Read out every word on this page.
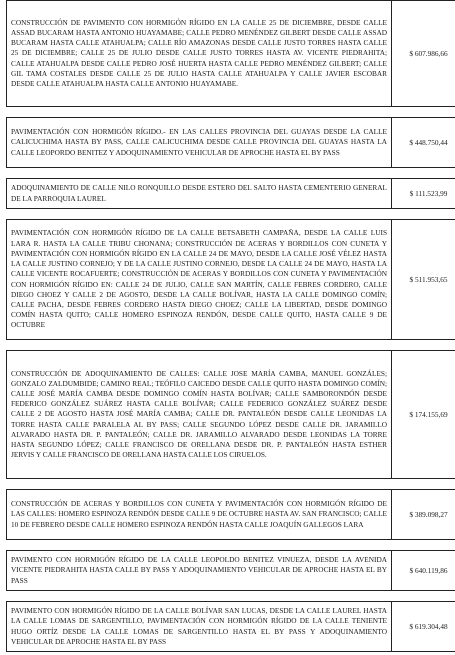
CONSTRUCCIÓN DE PAVIMENTO CON HORMIGÓN RÍGIDO EN LA CALLE 25 DE DICIEMBRE, DESDE CALLE ASSAD BUCARAM HASTA ANTONIO HUAYAMABE; CALLE PEDRO MENÉNDEZ GILBERT DESDE CALLE ASSAD BUCARAM HASTA CALLE ATAHUALPA; CALLE RÍO AMAZONAS DESDE CALLE JUSTO TORRES HASTA CALLE 25 DE DICIEMBRE; CALLE 25 DE JULIO DESDE CALLE JUSTO TORRES HASTA AV. VICENTE PIEDRAHITA; CALLE ATAHUALPA DESDE CALLE PEDRO JOSÉ HUERTA HASTA CALLE PEDRO MENÉNDEZ GILBERT; CALLE GIL TAMA COSTALES DESDE CALLE 25 DE JULIO HASTA CALLE ATAHUALPA Y CALLE JAVIER ESCOBAR DESDE CALLE ATAHUALPA HASTA CALLE ANTONIO HUAYAMABE.	$ 607.986,66

PAVIMENTACIÓN CON HORMIGÓN RÍGIDO.- EN LAS CALLES PROVINCIA DEL GUAYAS DESDE LA CALLE CALICUCHIMA HASTA BY PASS, CALLE CALICUCHIMA DESDE CALLE PROVINCIA DEL GUAYAS HASTA LA CALLE LEOPORDO BENITEZ Y ADOQUINAMIENTO VEHICULAR DE APROCHE HASTA EL BY PASS	$ 448.750,44

ADOQUINAMIENTO DE CALLE NILO RONQUILLO DESDE ESTERO DEL SALTO HASTA CEMENTERIO GENERAL DE LA PARROQUIA LAUREL	$ 111.523,99

PAVIMENTACIÓN CON HORMIGÓN RÍGIDO DE LA CALLE BETSABETH CAMPAÑA, DESDE LA CALLE LUIS LARA R. HASTA LA CALLE TRIBU CHONANA; CONSTRUCCIÓN DE ACERAS Y BORDILLOS CON CUNETA Y PAVIMENTACIÓN CON HORMIGÓN RÍGIDO EN LA CALLE 24 DE MAYO, DESDE LA CALLE JOSÉ VÉLEZ HASTA LA CALLE JUSTINO CORNEJO; Y DE LA CALLE JUSTINO CORNEJO, DESDE LA CALLE 24 DE MAYO, HASTA LA CALLE VICENTE ROCAFUERTE; CONSTRUCCIÓN DE ACERAS Y BORDILLOS CON CUNETA Y PAVIMENTACIÓN CON HORMIGÓN RÍGIDO EN: CALLE 24 DE JULIO, CALLE SAN MARTÍN, CALLE FEBRES CORDERO, CALLE DIEGO CHOEZ Y CALLE 2 DE AGOSTO, DESDE LA CALLE BOLÍVAR, HASTA LA CALLE DOMINGO COMÍN; CALLE PACHA, DESDE FEBRES CORDERO HASTA DIEGO CHOEZ; CALLE LA LIBERTAD, DESDE DOMINGO COMÍN HASTA QUITO; CALLE HOMERO ESPINOZA RENDÓN, DESDE CALLE QUITO, HASTA CALLE 9 DE OCTUBRE	$ 511.953,65

CONSTRUCCIÓN DE ADOQUINAMIENTO DE CALLES: CALLE JOSE MARÍA CAMBA, MANUEL GONZÁLES; GONZALO ZALDUMBIDE; CAMINO REAL; TEÓFILO CAICEDO DESDE CALLE QUITO HASTA DOMINGO COMÍN; CALLE JOSÉ MARÍA CAMBA DESDE DOMINGO COMÍN HASTA BOLÍVAR; CALLE SAMBORONDÓN DESDE FEDERICO GONZÁLEZ SUÁREZ HASTA CALLE BOLÍVAR; CALLE FEDERICO GONZÁLEZ SUÁREZ DESDE CALLE 2 DE AGOSTO HASTA JOSÉ MARÍA CAMBA; CALLE DR. PANTALEÓN DESDE CALLE LEONIDAS LA TORRE HASTA CALLE PARALELA AL BY PASS; CALLE SEGUNDO LÓPEZ DESDE CALLE DR. JARAMILLO ALVARADO HASTA DR. P. PANTALEÓN; CALLE DR. JARAMILLO ALVARADO DESDE LEONIDAS LA TORRE HASTA SEGUNDO LÓPEZ; CALLE FRANCISCO DE ORELLANA DESDE DR. P. PANTALEÓN HASTA ESTHER JERVIS Y CALLE FRANCISCO DE ORELLANA HASTA CALLE LOS CIRUELOS.	$ 174.155,69

CONSTRUCCIÓN DE ACERAS Y BORDILLOS CON CUNETA Y PAVIMENTACIÓN CON HORMIGÓN RÍGIDO DE LAS CALLES: HOMERO ESPINOZA RENDÓN DESDE CALLE 9 DE OCTUBRE HASTA AV. SAN FRANCISCO; CALLE 10 DE FEBRERO DESDE CALLE HOMERO ESPINOZA RENDÓN HASTA CALLE JOAQUÍN GALLEGOS LARA	$ 389.098,27

PAVIMENTO CON HORMIGÓN RÍGIDO DE LA CALLE LEOPOLDO BENITEZ VINUEZA, DESDE LA AVENIDA VICENTE PIEDRAHITA HASTA CALLE BY PASS Y ADOQUINAMIENTO VEHICULAR DE APROCHE HASTA EL BY PASS	$ 640.119,86

PAVIMENTO CON HORMIGÓN RÍGIDO DE LA CALLE BOLÍVAR SAN LUCAS, DESDE LA CALLE LAUREL HASTA LA CALLE LOMAS DE SARGENTILLO, PAVIMENTACIÓN CON HORMIGÓN RÍGIDO DE LA CALLE TENIENTE HUGO ORTÍZ DESDE LA CALLE LOMAS DE SARGENTILLO HASTA EL BY PASS Y ADOQUINAMIENTO VEHICULAR DE APROCHE HASTA EL BY PASS	$ 619.304,48
